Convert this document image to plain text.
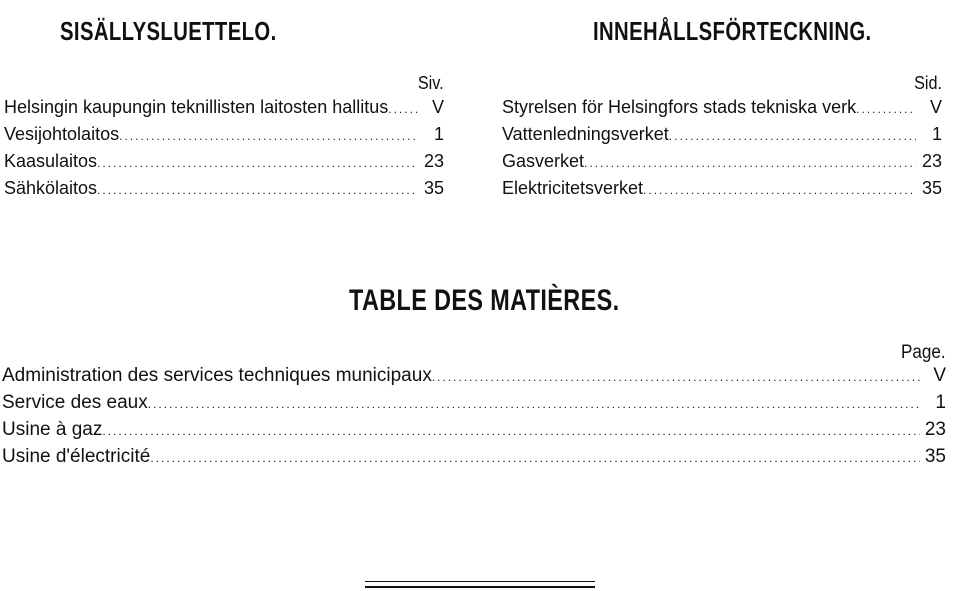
SISÄLLYSLUETTELO.
Siv.
Helsingin kaupungin teknillisten laitosten hallitus .....	V
Vesijohtolaitos .....	1
Kaasulaitos .....	23
Sähkölaitos .....	35
INNEHÅLLSFÖRTECKNING.
Sid.
Styrelsen för Helsingfors stads tekniska verk .....	V
Vattenledningsverket .....	1
Gasverket .....	23
Elektricitetsverket .....	35
TABLE DES MATIÈRES.
Page.
Administration des services techniques municipaux .....	V
Service des eaux .....	1
Usine à gaz .....	23
Usine d'électricité .....	35
